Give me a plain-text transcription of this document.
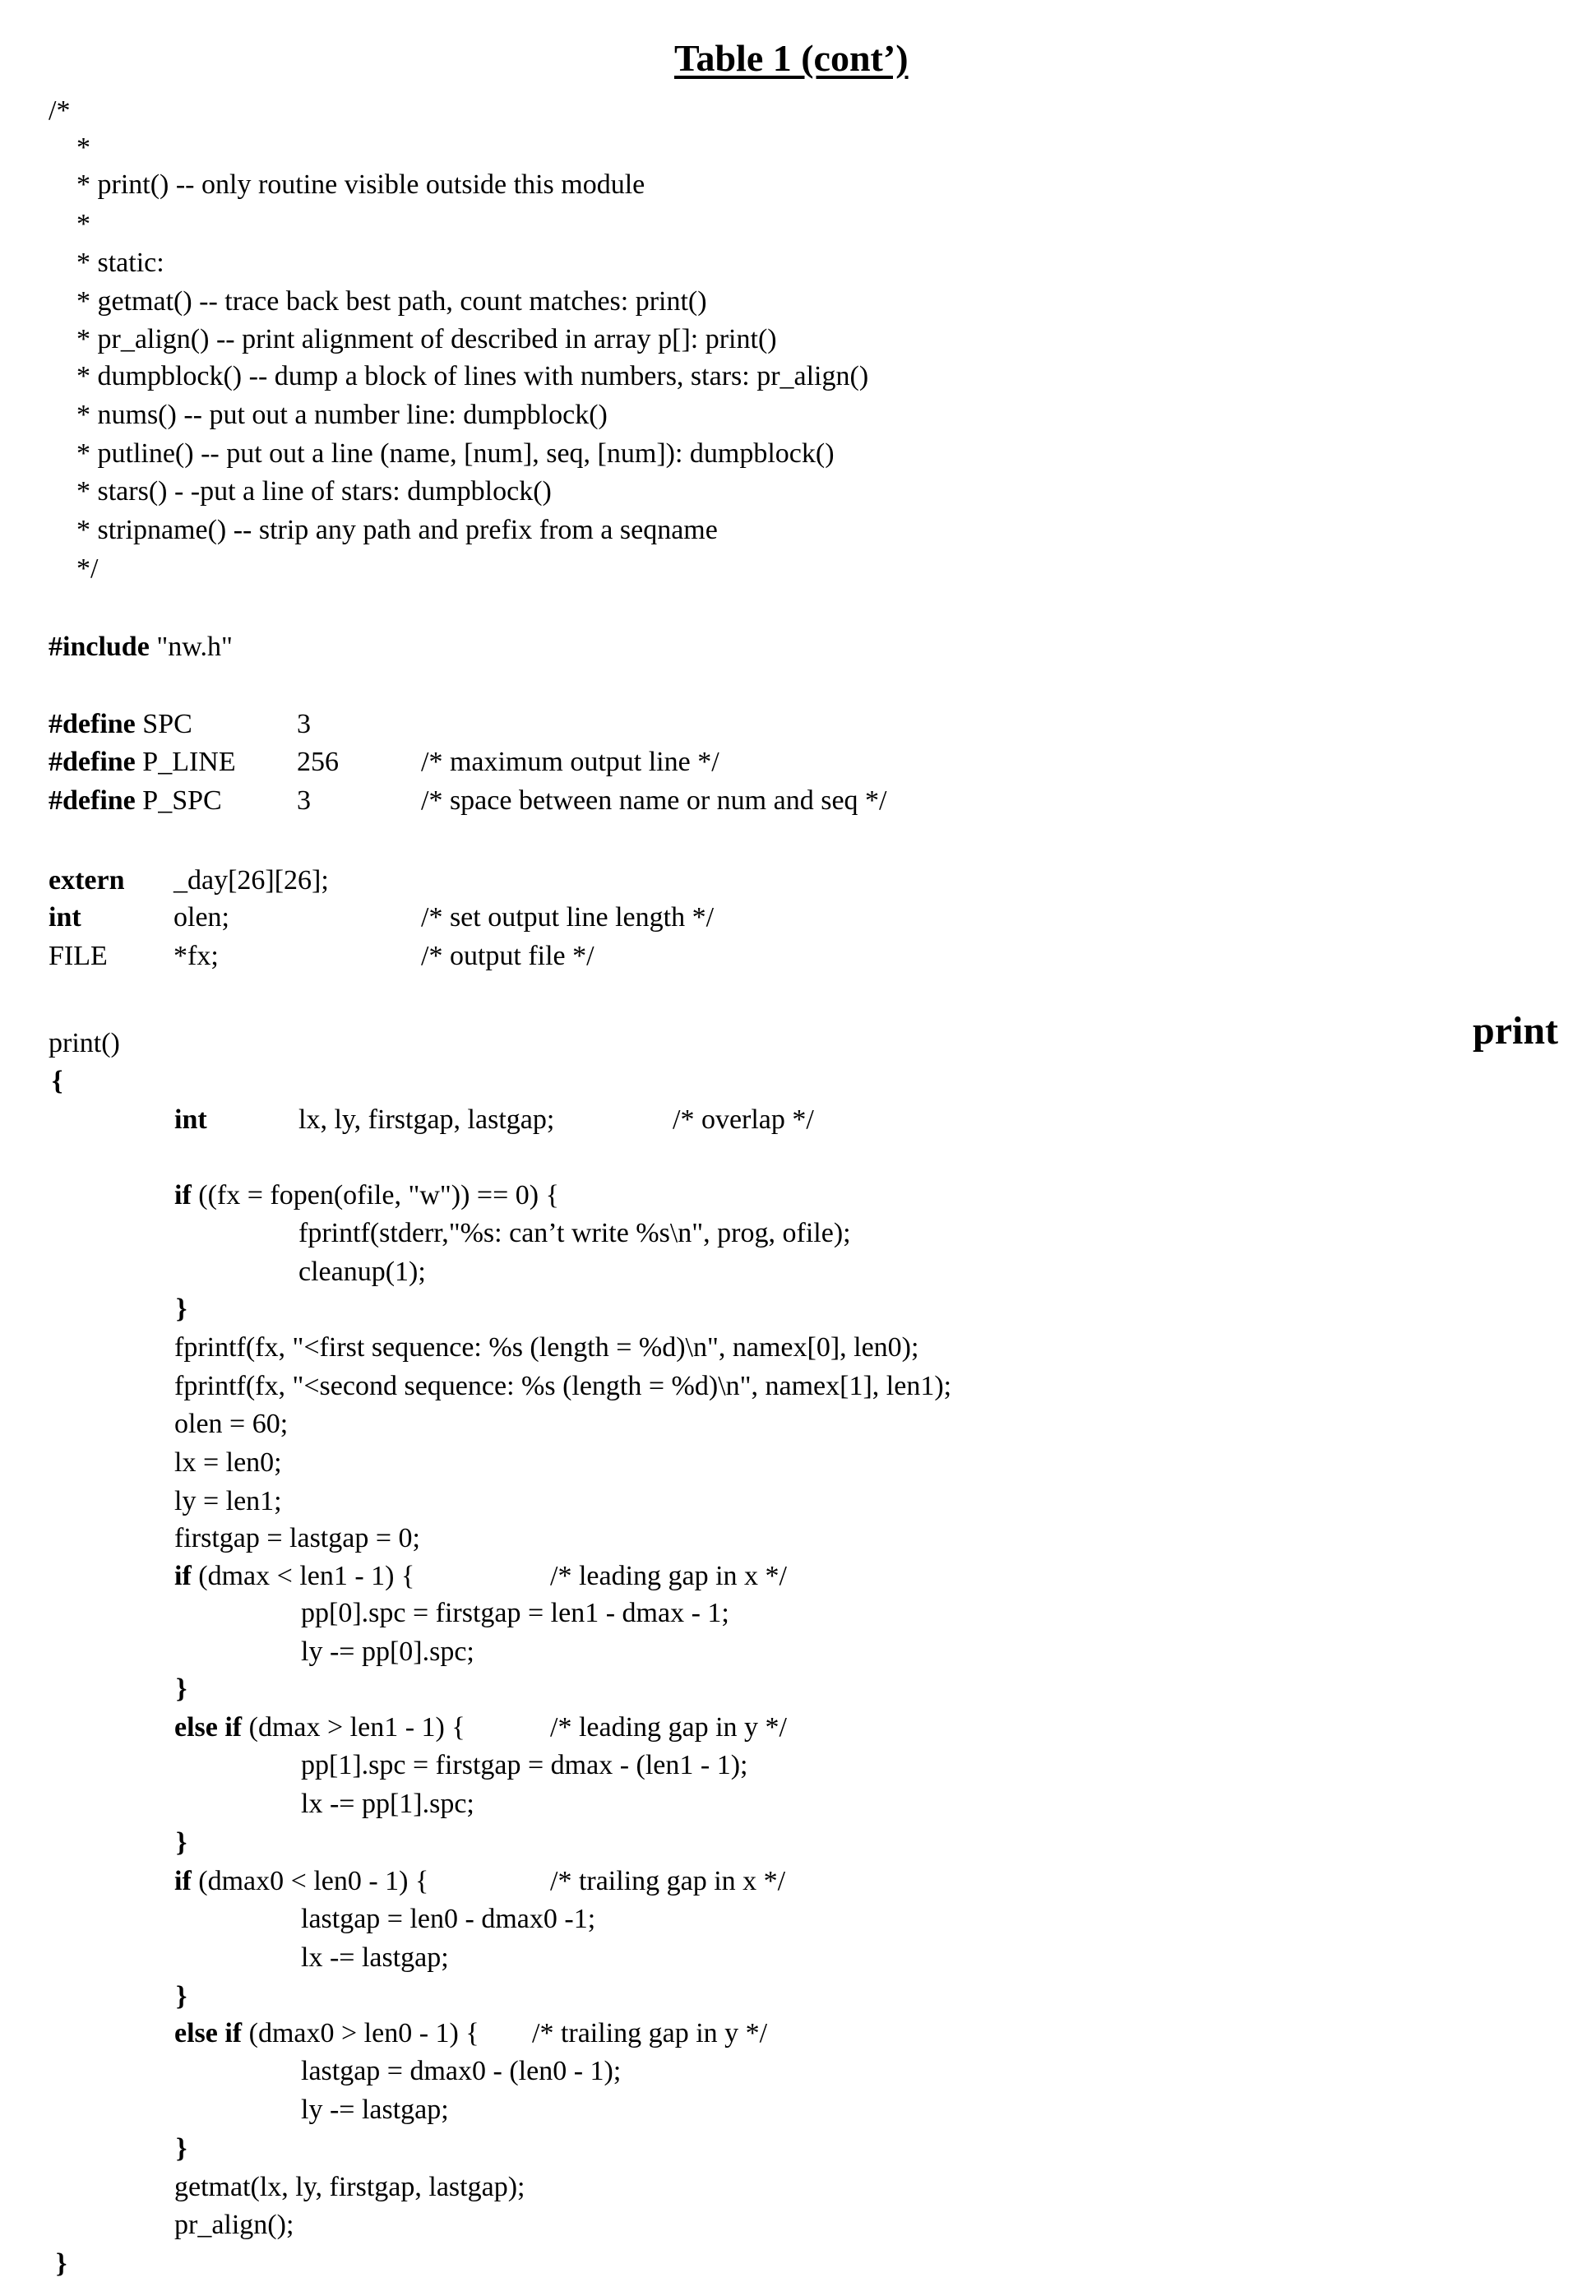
Table 1 (cont’)
print
/*
*
* print() -- only routine visible outside this module
*
* static:
* getmat() -- trace back best path, count matches: print()
* pr_align() -- print alignment of described in array p[]: print()
* dumpblock() -- dump a block of lines with numbers, stars: pr_align()
* nums() -- put out a number line: dumpblock()
* putline() -- put out a line (name, [num], seq, [num]): dumpblock()
* stars() - -put a line of stars: dumpblock()
* stripname() -- strip any path and prefix from a seqname
*/
#include "nw.h"
#define SPC	3
#define P_LINE 256	/* maximum output line */
#define P_SPC	3	/* space between name or num and seq */
extern _day[26][26];
int	olen;	/* set output line length */
FILE *fx;	/* output file */
print()
{
int	lx, ly, firstgap, lastgap;	/* overlap */
if ((fx = fopen(ofile, "w")) == 0) {
fprintf(stderr,"%s: can’t write %s\n", prog, ofile);
cleanup(1);
}
fprintf(fx, "<first sequence: %s (length = %d)\n", namex[0], len0);
fprintf(fx, "<second sequence: %s (length = %d)\n", namex[1], len1);
olen = 60;
lx = len0;
ly = len1;
firstgap = lastgap = 0;
if (dmax < len1 - 1) {	/* leading gap in x */
pp[0].spc = firstgap = len1 - dmax - 1;
ly -= pp[0].spc;
}
else if (dmax > len1 - 1) {	/* leading gap in y */
pp[1].spc = firstgap = dmax - (len1 - 1);
lx -= pp[1].spc;
}
if (dmax0 < len0 - 1) {	/* trailing gap in x */
lastgap = len0 - dmax0 -1;
lx -= lastgap;
}
else if (dmax0 > len0 - 1) { /* trailing gap in y */
lastgap = dmax0 - (len0 - 1);
ly -= lastgap;
}
getmat(lx, ly, firstgap, lastgap);
pr_align();
}
